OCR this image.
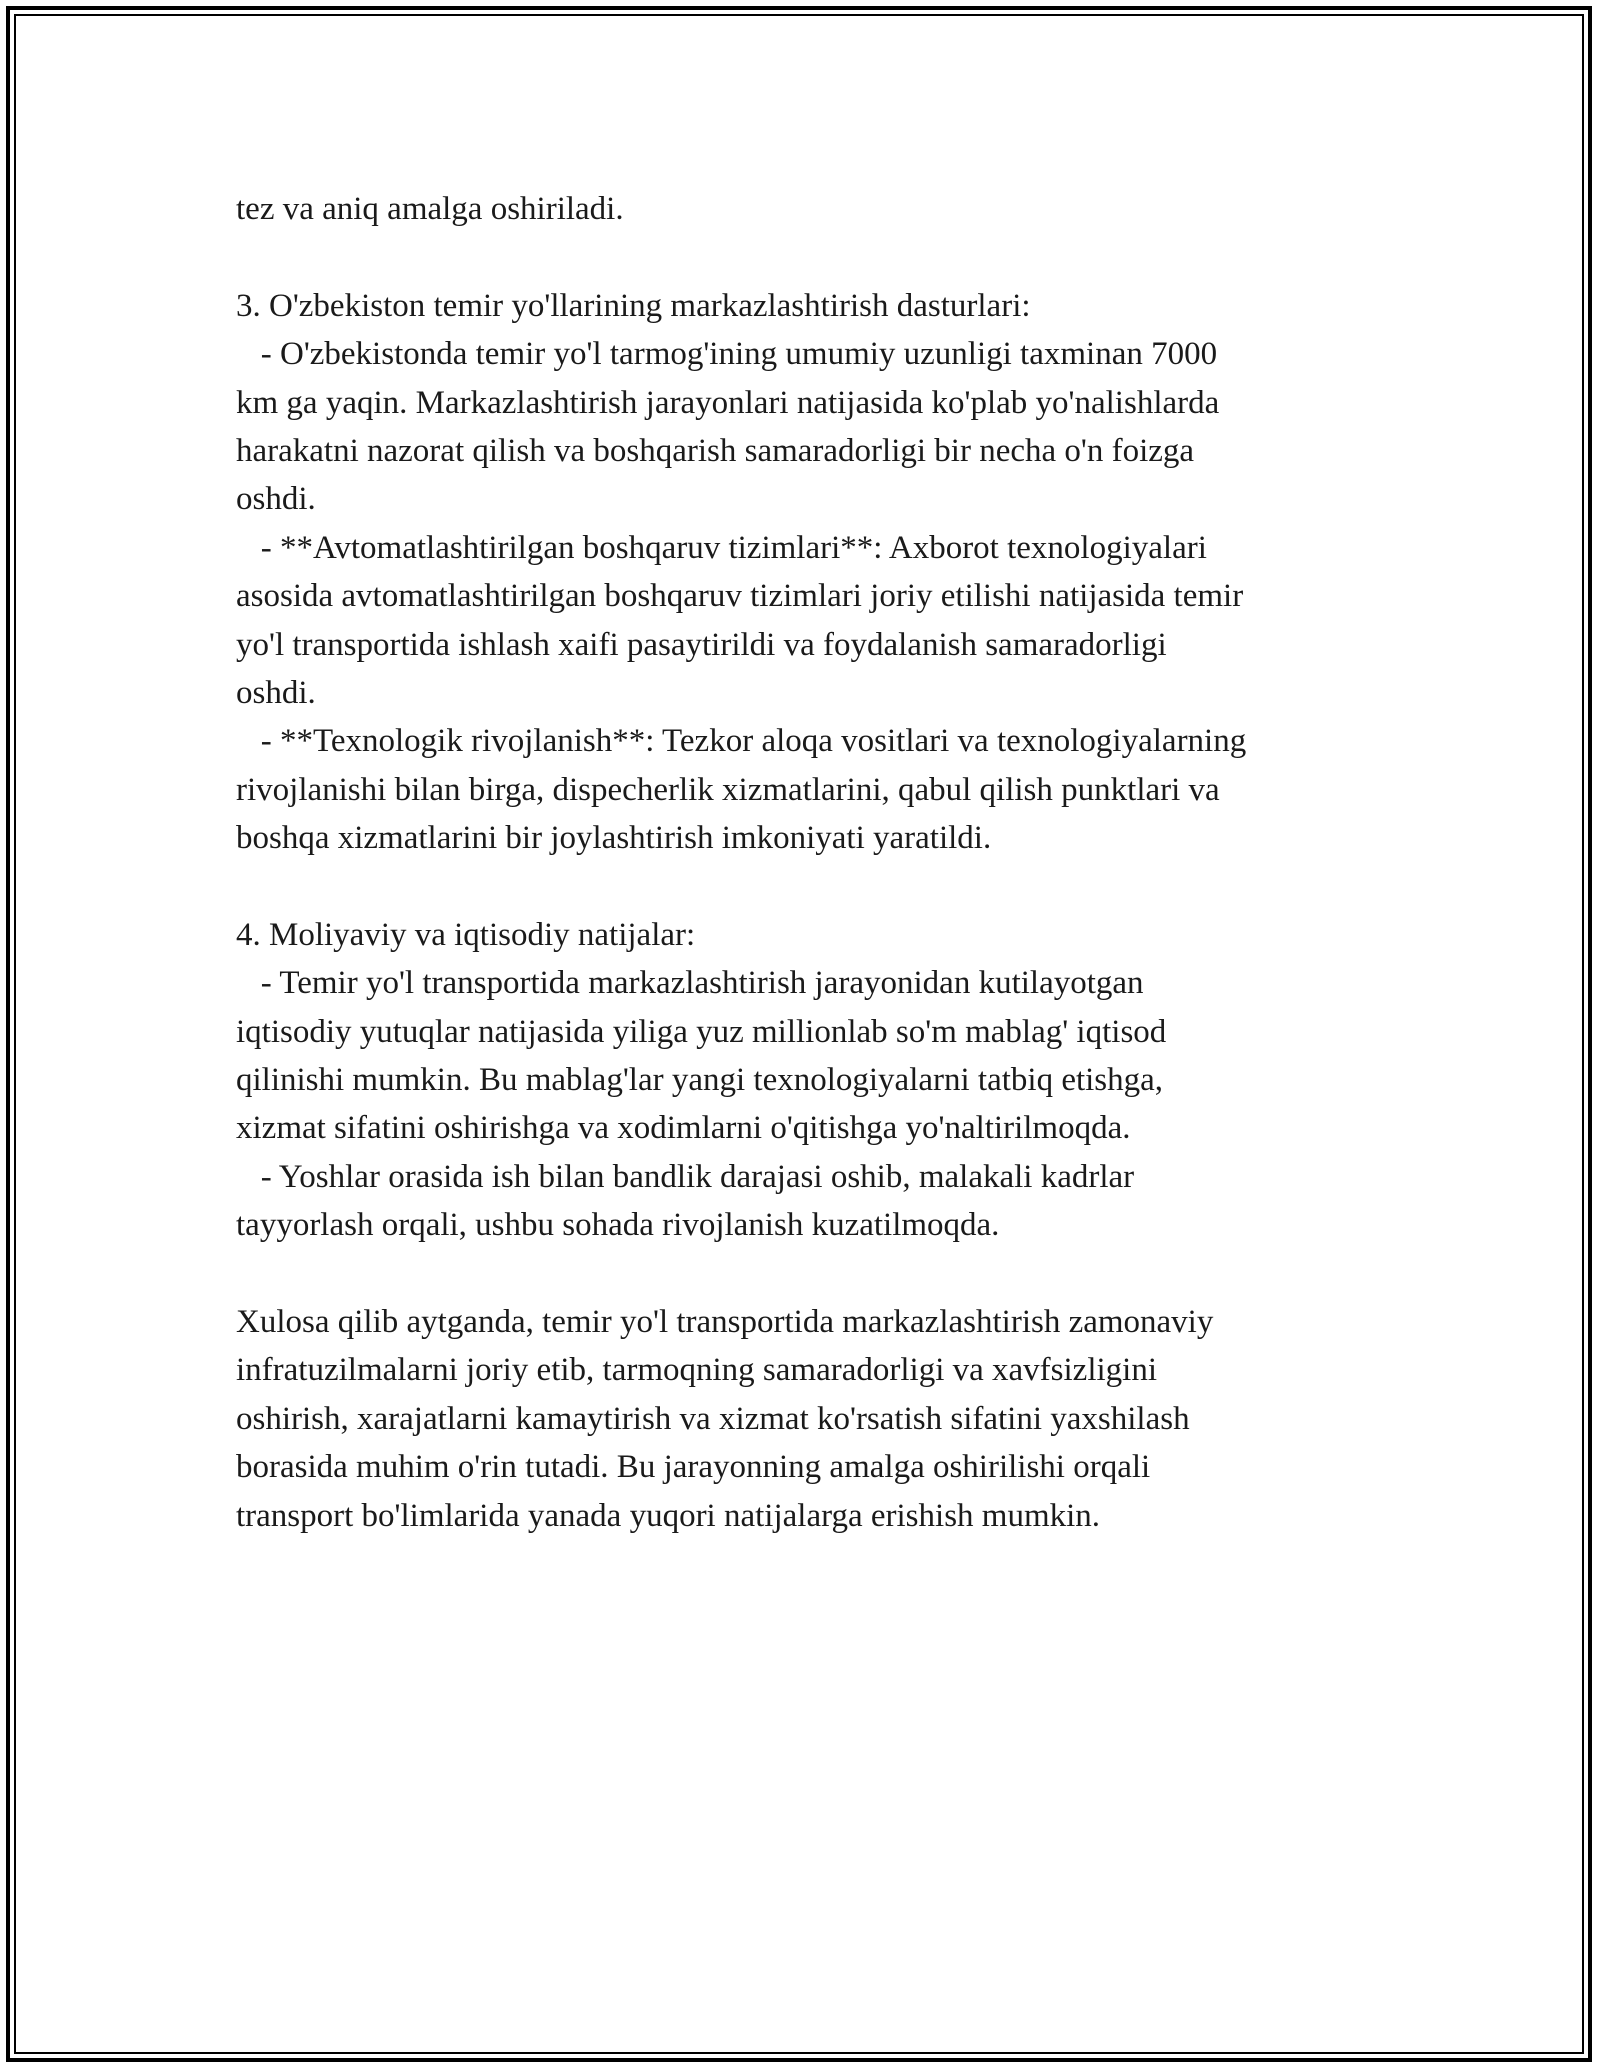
tez va aniq amalga oshiriladi.
3. O'zbekiston temir yo'llarining markazlashtirish dasturlari:
- O'zbekistonda temir yo'l tarmog'ining umumiy uzunligi taxminan 7000
km ga yaqin. Markazlashtirish jarayonlari natijasida ko'plab yo'nalishlarda
harakatni nazorat qilish va boshqarish samaradorligi bir necha o'n foizga
oshdi.
- **Avtomatlashtirilgan boshqaruv tizimlari**: Axborot texnologiyalari
asosida avtomatlashtirilgan boshqaruv tizimlari joriy etilishi natijasida temir
yo'l transportida ishlash xaifi pasaytirildi va foydalanish samaradorligi
oshdi.
- **Texnologik rivojlanish**: Tezkor aloqa vositlari va texnologiyalarning
rivojlanishi bilan birga, dispecherlik xizmatlarini, qabul qilish punktlari va
boshqa xizmatlarini bir joylashtirish imkoniyati yaratildi.
4. Moliyaviy va iqtisodiy natijalar:
- Temir yo'l transportida markazlashtirish jarayonidan kutilayotgan
iqtisodiy yutuqlar natijasida yiliga yuz millionlab so'm mablag' iqtisod
qilinishi mumkin. Bu mablag'lar yangi texnologiyalarni tatbiq etishga,
xizmat sifatini oshirishga va xodimlarni o'qitishga yo'naltirilmoqda.
- Yoshlar orasida ish bilan bandlik darajasi oshib, malakali kadrlar
tayyorlash orqali, ushbu sohada rivojlanish kuzatilmoqda.
Xulosa qilib aytganda, temir yo'l transportida markazlashtirish zamonaviy
infratuzilmalarni joriy etib, tarmoqning samaradorligi va xavfsizligini
oshirish, xarajatlarni kamaytirish va xizmat ko'rsatish sifatini yaxshilash
borasida muhim o'rin tutadi. Bu jarayonning amalga oshirilishi orqali
transport bo'limlarida yanada yuqori natijalarga erishish mumkin.
